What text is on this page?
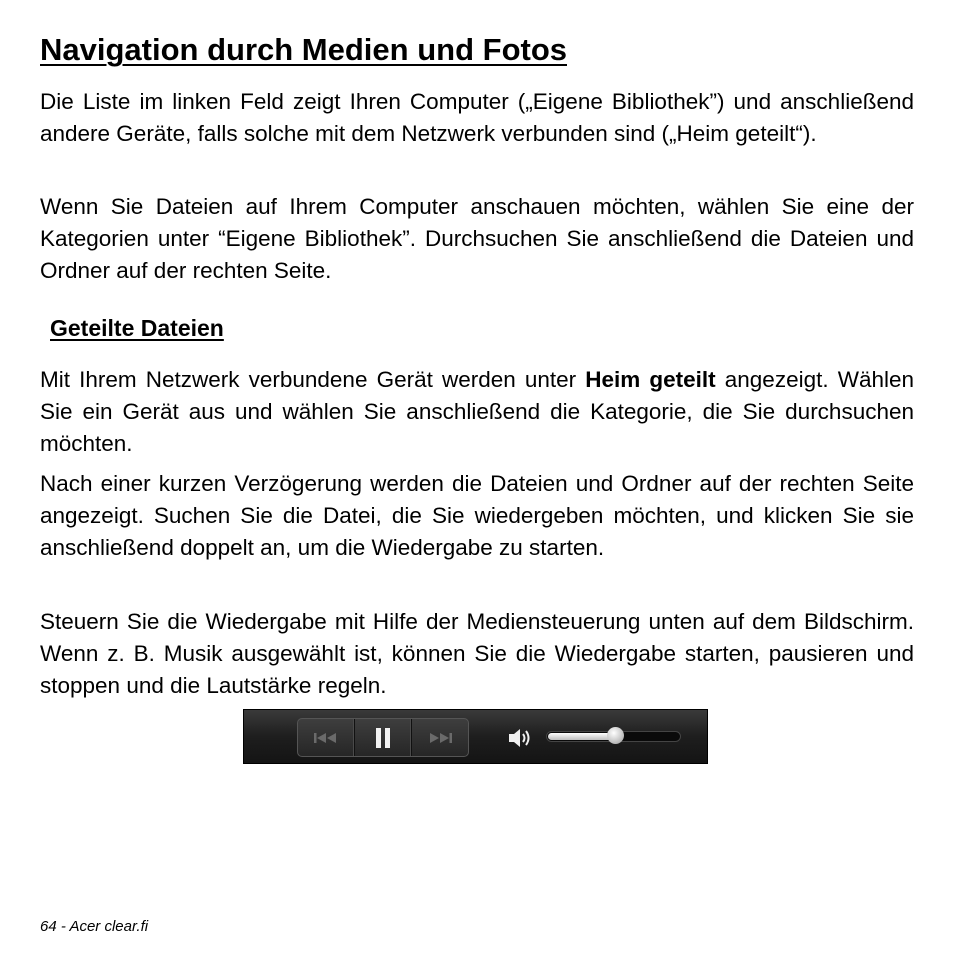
Navigation durch Medien und Fotos

Die Liste im linken Feld zeigt Ihren Computer („Eigene Bibliothek”) und anschließend andere Geräte, falls solche mit dem Netzwerk verbunden sind („Heim geteilt“).

Wenn Sie Dateien auf Ihrem Computer anschauen möchten, wählen Sie eine der Kategorien unter “Eigene Bibliothek”. Durchsuchen Sie anschließend die Dateien und Ordner auf der rechten Seite.

Geteilte Dateien

Mit Ihrem Netzwerk verbundene Gerät werden unter Heim geteilt angezeigt. Wählen Sie ein Gerät aus und wählen Sie anschließend die Kategorie, die Sie durchsuchen möchten.

Nach einer kurzen Verzögerung werden die Dateien und Ordner auf der rechten Seite angezeigt. Suchen Sie die Datei, die Sie wiedergeben möchten, und klicken Sie sie anschließend doppelt an, um die Wiedergabe zu starten.

Steuern Sie die Wiedergabe mit Hilfe der Mediensteuerung unten auf dem Bildschirm. Wenn z. B. Musik ausgewählt ist, können Sie die Wiedergabe starten, pausieren und stoppen und die Lautstärke regeln.

64 - Acer clear.fi
